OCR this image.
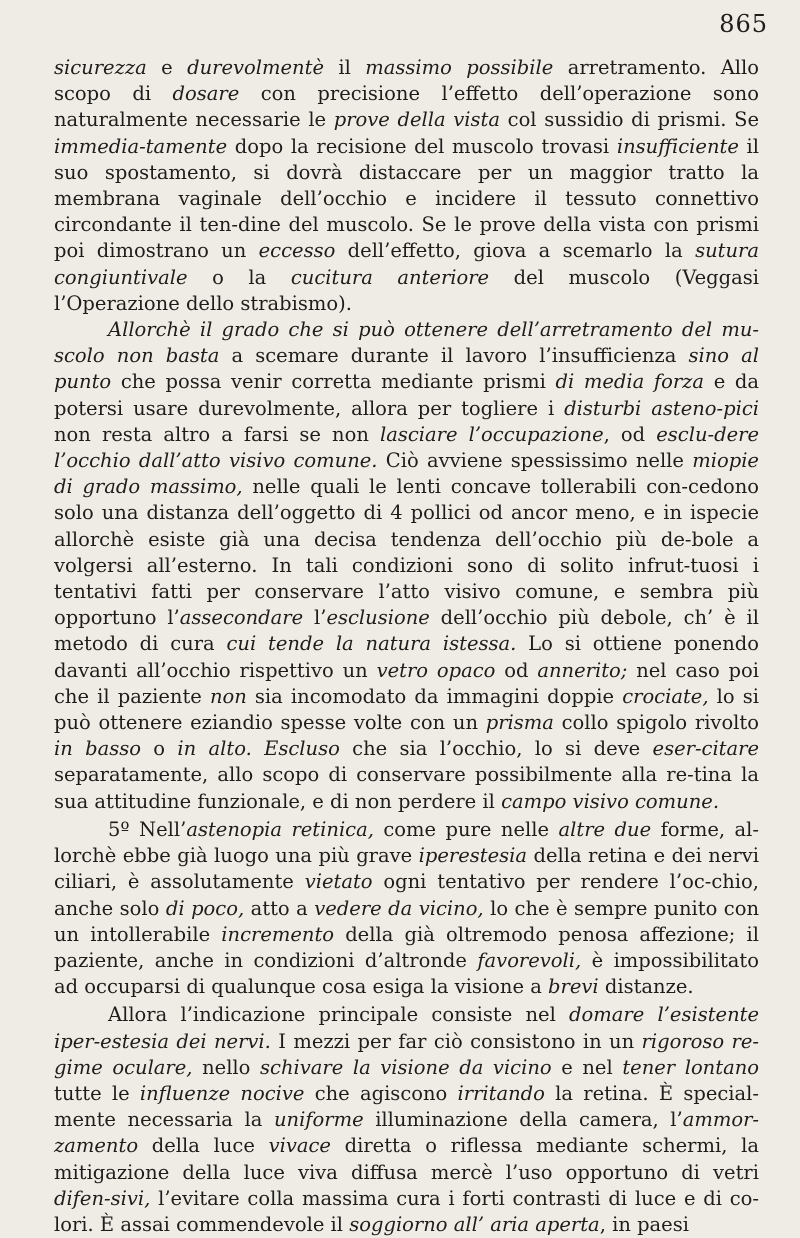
865

sicurezza e durevolmentè il massimo possibile arretramento. Allo scopo di dosare con precisione l’effetto dell’operazione sono naturalmente necessarie le prove della vista col sussidio di prismi. Se immedia-tamente dopo la recisione del muscolo trovasi insufficiente il suo spostamento, si dovrà distaccare per un maggior tratto la membrana vaginale dell’occhio e incidere il tessuto connettivo circondante il ten-dine del muscolo. Se le prove della vista con prismi poi dimostrano un eccesso dell’effetto, giova a scemarlo la sutura congiuntivale o la cucitura anteriore del muscolo (Veggasi l’Operazione dello strabismo).

Allorchè il grado che si può ottenere dell’arretramento del mu-scolo non basta a scemare durante il lavoro l’insufficienza sino al punto che possa venir corretta mediante prismi di media forza e da potersi usare durevolmente, allora per togliere i disturbi asteno-pici non resta altro a farsi se non lasciare l’occupazione, od esclu-dere l’occhio dall’atto visivo comune. Ciò avviene spessissimo nelle miopie di grado massimo, nelle quali le lenti concave tollerabili con-cedono solo una distanza dell’oggetto di 4 pollici od ancor meno, e in ispecie allorchè esiste già una decisa tendenza dell’occhio più de-bole a volgersi all’esterno. In tali condizioni sono di solito infrut-tuosi i tentativi fatti per conservare l’atto visivo comune, e sembra più opportuno l’assecondare l’esclusione dell’occhio più debole, ch’ è il metodo di cura cui tende la natura istessa. Lo si ottiene ponendo davanti all’occhio rispettivo un vetro opaco od annerito; nel caso poi che il paziente non sia incomodato da immagini doppie crociate, lo si può ottenere eziandio spesse volte con un prisma collo spigolo rivolto in basso o in alto. Escluso che sia l’occhio, lo si deve eser-citare separatamente, allo scopo di conservare possibilmente alla re-tina la sua attitudine funzionale, e di non perdere il campo visivo comune.

5º Nell’astenopia retinica, come pure nelle altre due forme, al-lorchè ebbe già luogo una più grave iperestesia della retina e dei nervi ciliari, è assolutamente vietato ogni tentativo per rendere l’oc-chio, anche solo di poco, atto a vedere da vicino, lo che è sempre punito con un intollerabile incremento della già oltremodo penosa affezione; il paziente, anche in condizioni d’altronde favorevoli, è impossibilitato ad occuparsi di qualunque cosa esiga la visione a brevi distanze.

Allora l’indicazione principale consiste nel domare l’esistente iper-estesia dei nervi. I mezzi per far ciò consistono in un rigoroso re-gime oculare, nello schivare la visione da vicino e nel tener lontano tutte le influenze nocive che agiscono irritando la retina. È special-mente necessaria la uniforme illuminazione della camera, l’ammor-zamento della luce vivace diretta o riflessa mediante schermi, la mitigazione della luce viva diffusa mercè l’uso opportuno di vetri difen-sivi, l’evitare colla massima cura i forti contrasti di luce e di co-lori. È assai commendevole il soggiorno all’ aria aperta, in paesi
